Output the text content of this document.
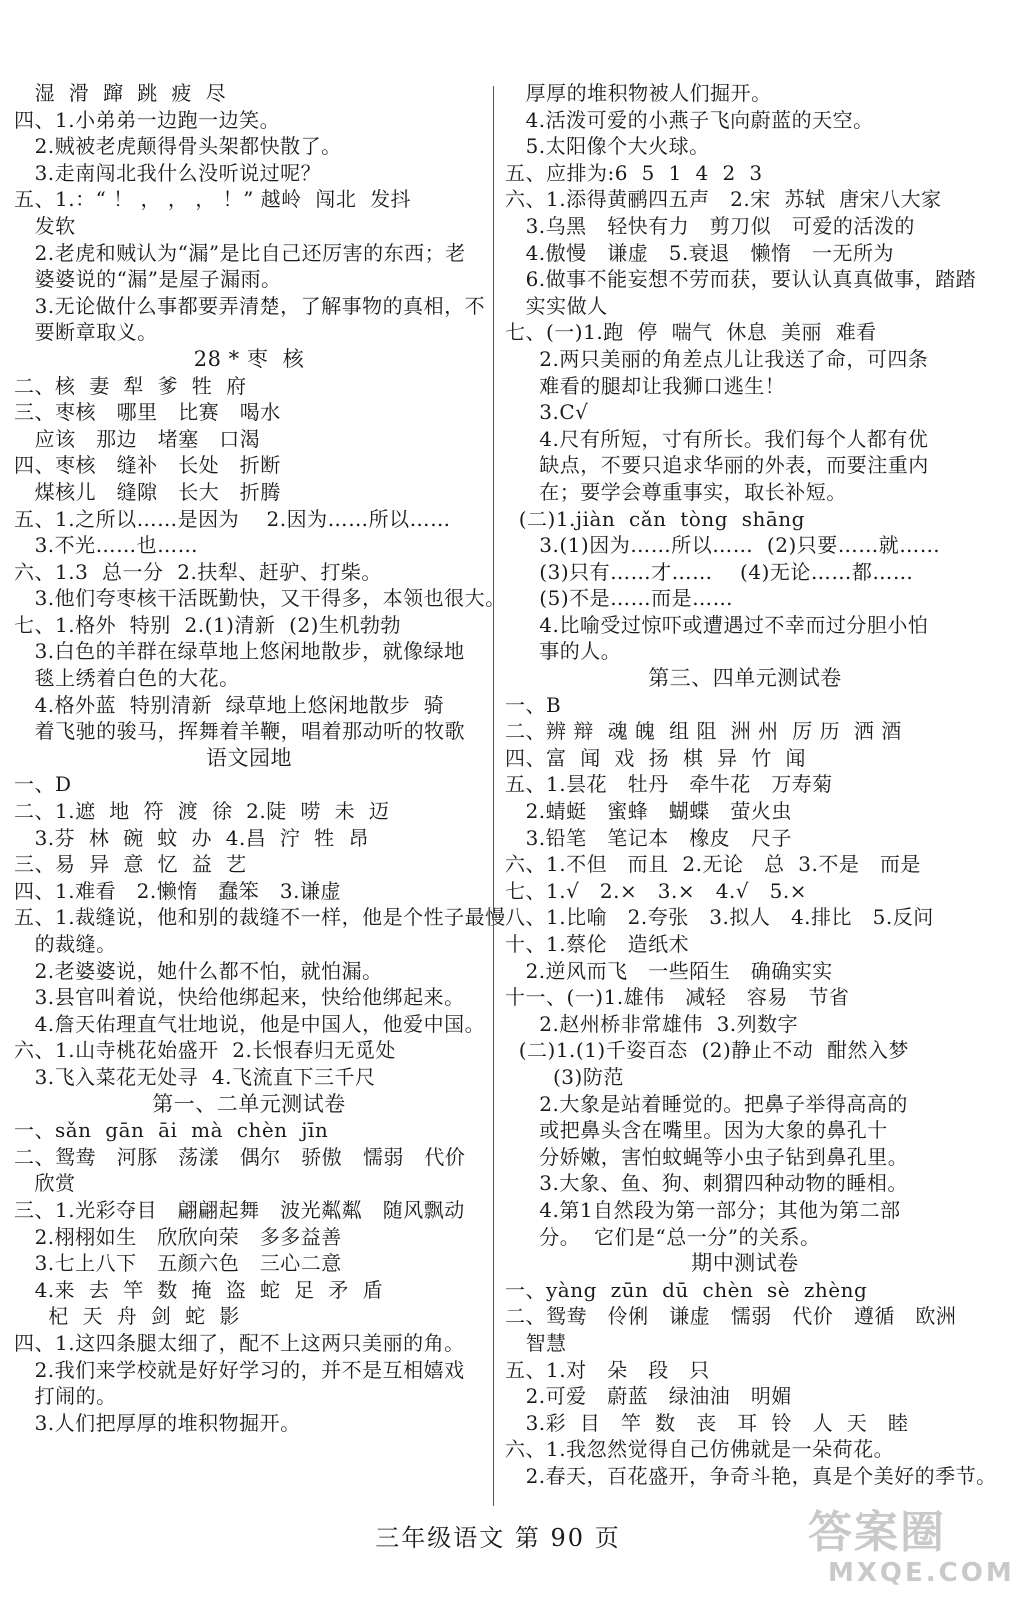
湿  滑  蹿  跳  疲  尽
四、1.小弟弟一边跑一边笑。
2.贼被老虎颠得骨头架都快散了。
3.走南闯北我什么没听说过呢？
五、1.：“ ！ ， ， ， ！” 越岭  闯北  发抖
发软
2.老虎和贼认为“漏”是比自己还厉害的东西；老
婆婆说的“漏”是屋子漏雨。
3.无论做什么事都要弄清楚，了解事物的真相，不
要断章取义。
28 * 枣  核
二、核  妻  犁  爹  牲  府
三、枣核   哪里   比赛   喝水
应该   那边   堵塞   口渴
四、枣核   缝补   长处   折断
煤核儿   缝隙   长大   折腾
五、1.之所以……是因为    2.因为……所以……
3.不光……也……
六、1.3  总一分  2.扶犁、赶驴、打柴。
3.他们夸枣核干活既勤快，又干得多，本领也很大。
七、1.格外  特别  2.(1)清新  (2)生机勃勃
3.白色的羊群在绿草地上悠闲地散步，就像绿地
毯上绣着白色的大花。
4.格外蓝  特别清新  绿草地上悠闲地散步  骑
着飞驰的骏马，挥舞着羊鞭，唱着那动听的牧歌
语文园地
一、D
二、1.遮  地  符  渡  徐  2.陡  唠  未  迈
3.芬  林  碗  蚊  办  4.昌  泞  牲  昂
三、易  异  意  忆  益  艺
四、1.难看   2.懒惰   蠢笨   3.谦虚
五、1.裁缝说，他和别的裁缝不一样，他是个性子最慢
的裁缝。
2.老婆婆说，她什么都不怕，就怕漏。
3.县官叫着说，快给他绑起来，快给他绑起来。
4.詹天佑理直气壮地说，他是中国人，他爱中国。
六、1.山寺桃花始盛开  2.长恨春归无觅处
3.飞入菜花无处寻  4.飞流直下三千尺
第一、二单元测试卷
一、sǎn  gān  āi  mà  chèn  jīn
二、鸳鸯   河豚   荡漾   偶尔   骄傲   懦弱   代价
欣赏
三、1.光彩夺目   翩翩起舞   波光粼粼   随风飘动
2.栩栩如生   欣欣向荣   多多益善
3.七上八下   五颜六色   三心二意
4.来  去  竿  数  掩  盗  蛇  足  矛  盾
杞  天  舟  剑  蛇  影
四、1.这四条腿太细了，配不上这两只美丽的角。
2.我们来学校就是好好学习的，并不是互相嬉戏
打闹的。
3.人们把厚厚的堆积物掘开。
厚厚的堆积物被人们掘开。
4.活泼可爱的小燕子飞向蔚蓝的天空。
5.太阳像个大火球。
五、应排为:6  5  1  4  2  3
六、1.添得黄鹂四五声   2.宋  苏轼  唐宋八大家
3.乌黑   轻快有力   剪刀似   可爱的活泼的
4.傲慢   谦虚   5.衰退   懒惰   一无所为
6.做事不能妄想不劳而获，要认认真真做事，踏踏
实实做人
七、(一)1.跑  停  喘气  休息  美丽  难看
2.两只美丽的角差点儿让我送了命，可四条
难看的腿却让我狮口逃生！
3.C√
4.尺有所短，寸有所长。我们每个人都有优
缺点，不要只追求华丽的外表，而要注重内
在；要学会尊重事实，取长补短。
(二)1.jiàn  cǎn  tòng  shāng
3.(1)因为……所以……  (2)只要……就……
(3)只有……才……    (4)无论……都……
(5)不是……而是……
4.比喻受过惊吓或遭遇过不幸而过分胆小怕
事的人。
第三、四单元测试卷
一、B
二、辨 辩  魂 魄  组 阻  洲 州  厉 历  洒 酒
四、富  闻  戏  扬  棋  异  竹  闻
五、1.昙花   牡丹   牵牛花   万寿菊
2.蜻蜓   蜜蜂   蝴蝶   萤火虫
3.铅笔   笔记本   橡皮   尺子
六、1.不但   而且  2.无论   总  3.不是   而是
七、1.√   2.×   3.×   4.√   5.×
八、1.比喻   2.夸张   3.拟人   4.排比   5.反问
十、1.蔡伦   造纸术
2.逆风而飞   一些陌生   确确实实
十一、(一)1.雄伟   减轻   容易   节省
2.赵州桥非常雄伟  3.列数字
(二)1.(1)千姿百态  (2)静止不动  酣然入梦
(3)防范
2.大象是站着睡觉的。把鼻子举得高高的
或把鼻头含在嘴里。因为大象的鼻孔十
分娇嫩，害怕蚊蝇等小虫子钻到鼻孔里。
3.大象、鱼、狗、刺猬四种动物的睡相。
4.第1自然段为第一部分；其他为第二部
分。  它们是“总一分”的关系。
期中测试卷
一、yàng  zūn  dū  chèn  sè  zhèng
二、鸳鸯   伶俐   谦虚   懦弱   代价   遵循   欧洲
智慧
五、1.对   朵   段   只
2.可爱   蔚蓝   绿油油   明媚
3.彩  目   竿  数   丧   耳  铃   人  天   睦
六、1.我忽然觉得自己仿佛就是一朵荷花。
2.春天，百花盛开，争奇斗艳，真是个美好的季节。
三年级语文 第 90 页	答案圈
MXQE.COM
